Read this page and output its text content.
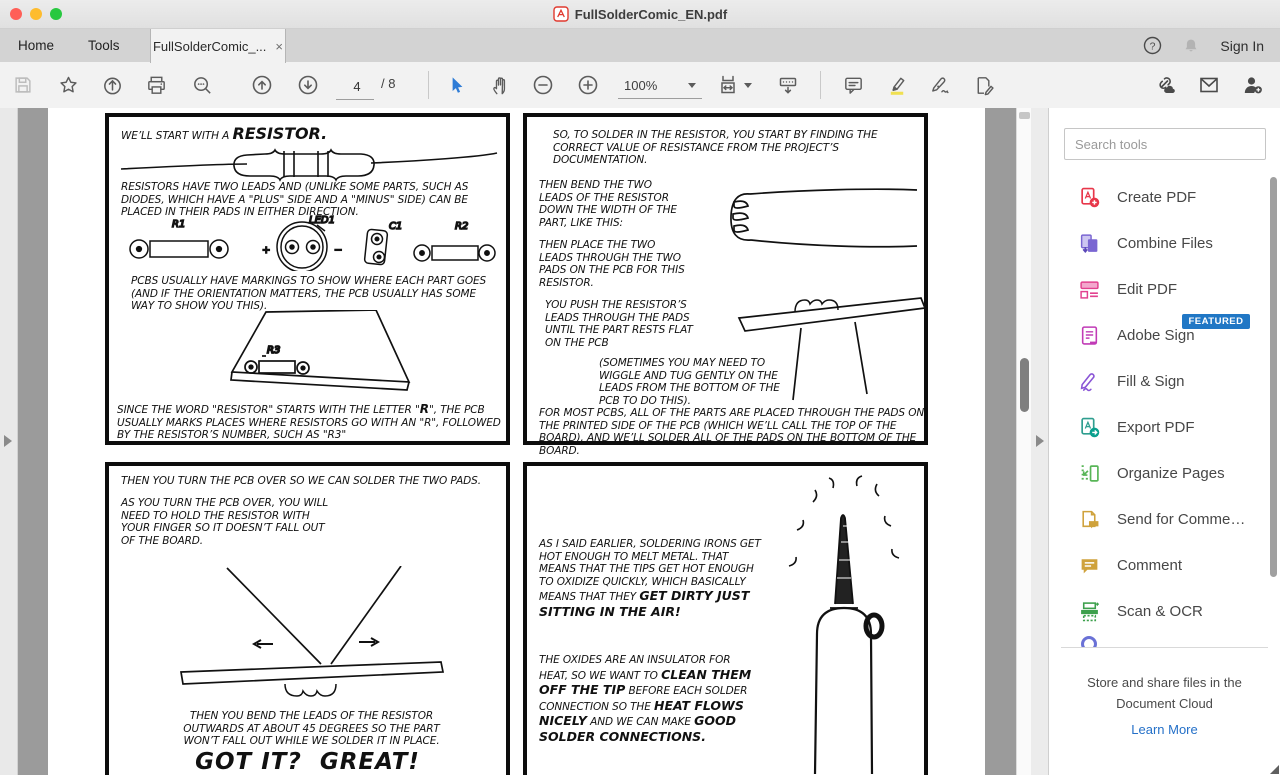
FullSolderComic_EN.pdf
Home	Tools	FullSolderComic_... ×	?	Sign In
4
/ 8	100%
WE’LL START WITH A RESISTOR.
RESISTORS HAVE TWO LEADS AND (UNLIKE SOME PARTS, SUCH AS DIODES, WHICH HAVE A "PLUS" SIDE AND A "MINUS" SIDE) CAN BE PLACED IN THEIR PADS IN EITHER DIRECTION.
R1
+
LED1
−
C1	R2
PCBS USUALLY HAVE MARKINGS TO SHOW WHERE EACH PART GOES (AND IF THE ORIENTATION MATTERS, THE PCB USUALLY HAS SOME WAY TO SHOW YOU THIS).
R3
SINCE THE WORD "RESISTOR" STARTS WITH THE LETTER "R", THE PCB USUALLY MARKS PLACES WHERE RESISTORS GO WITH AN "R", FOLLOWED BY THE RESISTOR’S NUMBER, SUCH AS "R3"
SO, TO SOLDER IN THE RESISTOR, YOU START BY FINDING THE CORRECT VALUE OF RESISTANCE FROM THE PROJECT’S DOCUMENTATION.
THEN BEND THE TWO LEADS OF THE RESISTOR DOWN THE WIDTH OF THE PART, LIKE THIS:
THEN PLACE THE TWO LEADS THROUGH THE TWO PADS ON THE PCB FOR THIS RESISTOR.
YOU PUSH THE RESISTOR’S LEADS THROUGH THE PADS UNTIL THE PART RESTS FLAT ON THE PCB
(SOMETIMES YOU MAY NEED TO WIGGLE AND TUG GENTLY ON THE LEADS FROM THE BOTTOM OF THE PCB TO DO THIS).
FOR MOST PCBS, ALL OF THE PARTS ARE PLACED THROUGH THE PADS ON THE PRINTED SIDE OF THE PCB (WHICH WE’LL CALL THE TOP OF THE BOARD), AND WE’LL SOLDER ALL OF THE PADS ON THE BOTTOM OF THE BOARD.
THEN YOU TURN THE PCB OVER SO WE CAN SOLDER THE TWO PADS.
AS YOU TURN THE PCB OVER, YOU WILL NEED TO HOLD THE RESISTOR WITH YOUR FINGER SO IT DOESN’T FALL OUT OF THE BOARD.
THEN YOU BEND THE LEADS OF THE RESISTOR OUTWARDS AT ABOUT 45 DEGREES SO THE PART WON’T FALL OUT WHILE WE SOLDER IT IN PLACE.
GOT IT?  GREAT!
AS I SAID EARLIER, SOLDERING IRONS GET HOT ENOUGH TO MELT METAL. THAT MEANS THAT THE TIPS GET HOT ENOUGH TO OXIDIZE QUICKLY, WHICH BASICALLY MEANS THAT THEY GET DIRTY JUST SITTING IN THE AIR!
THE OXIDES ARE AN INSULATOR FOR HEAT, SO WE WANT TO CLEAN THEM OFF THE TIP BEFORE EACH SOLDER CONNECTION SO THE HEAT FLOWS NICELY AND WE CAN MAKE GOOD SOLDER CONNECTIONS.
Search tools
Create PDF
Combine Files
Edit PDF
FEATURED
Adobe Sign
Fill & Sign
Export PDF
Organize Pages
Send for Comme…
Comment
Scan & OCR
Store and share files in the
Document Cloud
Learn More
